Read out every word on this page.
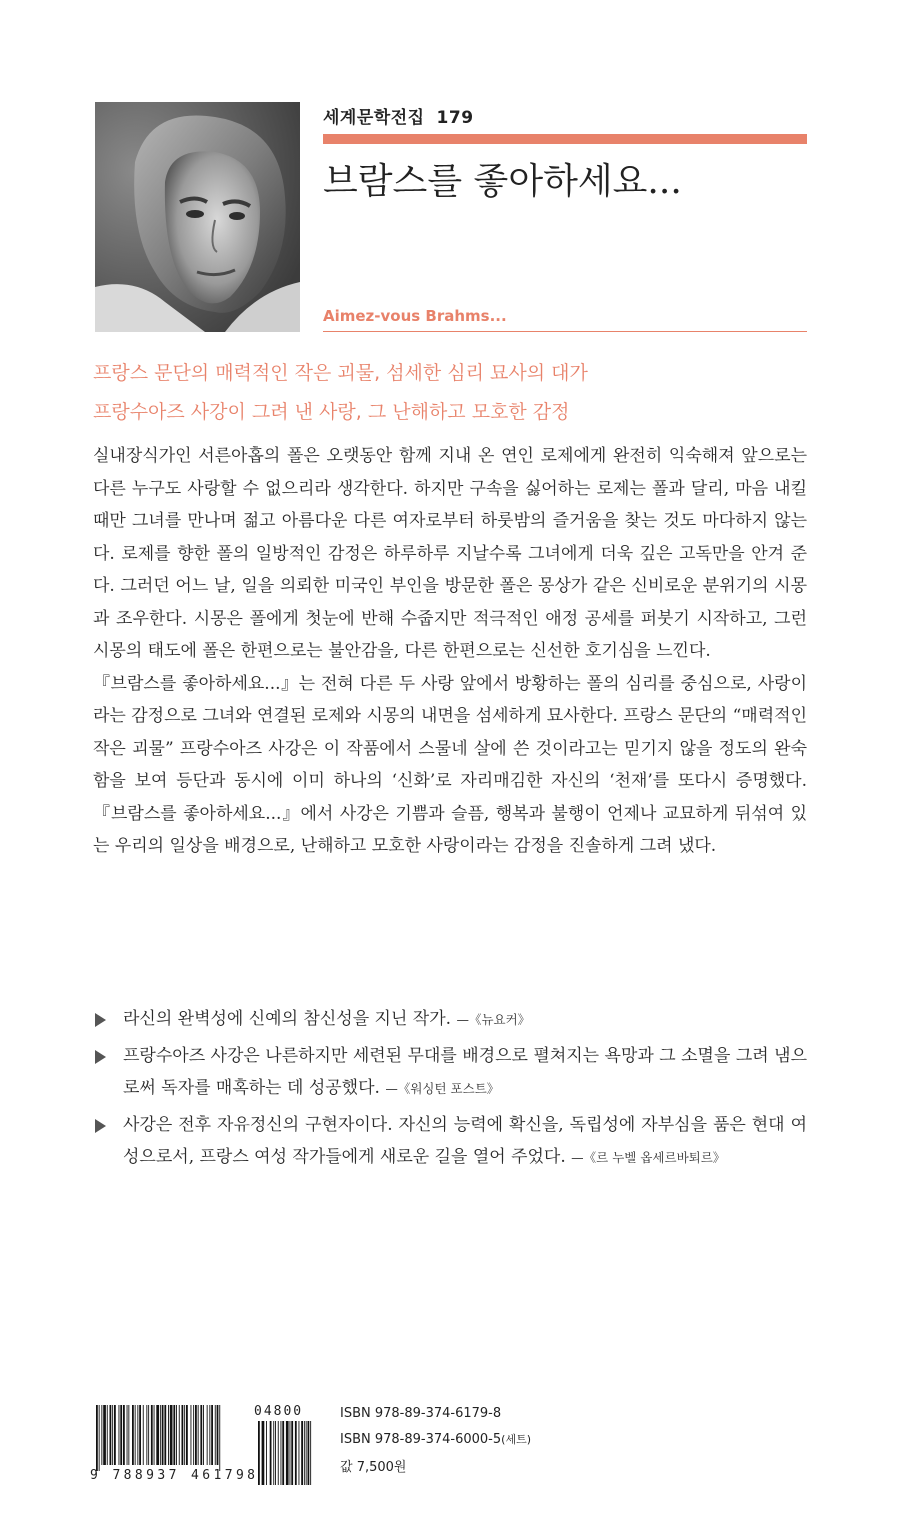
세계문학전집 179
브람스를 좋아하세요...
Aimez-vous Brahms...
프랑스 문단의 매력적인 작은 괴물, 섬세한 심리 묘사의 대가
프랑수아즈 사강이 그려 낸 사랑, 그 난해하고 모호한 감정

실내장식가인 서른아홉의 폴은 오랫동안 함께 지내 온 연인 로제에게 완전히 익숙해져 앞으로는 다른 누구도 사랑할 수 없으리라 생각한다. 하지만 구속을 싫어하는 로제는 폴과 달리, 마음 내킬 때만 그녀를 만나며 젊고 아름다운 다른 여자로부터 하룻밤의 즐거움을 찾는 것도 마다하지 않는다. 로제를 향한 폴의 일방적인 감정은 하루하루 지날수록 그녀에게 더욱 깊은 고독만을 안겨 준다. 그러던 어느 날, 일을 의뢰한 미국인 부인을 방문한 폴은 몽상가 같은 신비로운 분위기의 시몽과 조우한다. 시몽은 폴에게 첫눈에 반해 수줍지만 적극적인 애정 공세를 퍼붓기 시작하고, 그런 시몽의 태도에 폴은 한편으로는 불안감을, 다른 한편으로는 신선한 호기심을 느낀다.

『브람스를 좋아하세요...』는 전혀 다른 두 사랑 앞에서 방황하는 폴의 심리를 중심으로, 사랑이라는 감정으로 그녀와 연결된 로제와 시몽의 내면을 섬세하게 묘사한다. 프랑스 문단의 “매력적인 작은 괴물” 프랑수아즈 사강은 이 작품에서 스물네 살에 쓴 것이라고는 믿기지 않을 정도의 완숙함을 보여 등단과 동시에 이미 하나의 ‘신화’로 자리매김한 자신의 ‘천재’를 또다시 증명했다. 『브람스를 좋아하세요...』에서 사강은 기쁨과 슬픔, 행복과 불행이 언제나 교묘하게 뒤섞여 있는 우리의 일상을 배경으로, 난해하고 모호한 사랑이라는 감정을 진솔하게 그려 냈다.

라신의 완벽성에 신예의 참신성을 지닌 작가. —《뉴요커》
프랑수아즈 사강은 나른하지만 세련된 무대를 배경으로 펼쳐지는 욕망과 그 소멸을 그려 냄으로써 독자를 매혹하는 데 성공했다. —《워싱턴 포스트》
사강은 전후 자유정신의 구현자이다. 자신의 능력에 확신을, 독립성에 자부심을 품은 현대 여성으로서, 프랑스 여성 작가들에게 새로운 길을 열어 주었다. —《르 누벨 옵세르바퇴르》
9 788937 461798
04800	ISBN 978-89-374-6179-8
ISBN 978-89-374-6000-5(세트)
값 7,500원
